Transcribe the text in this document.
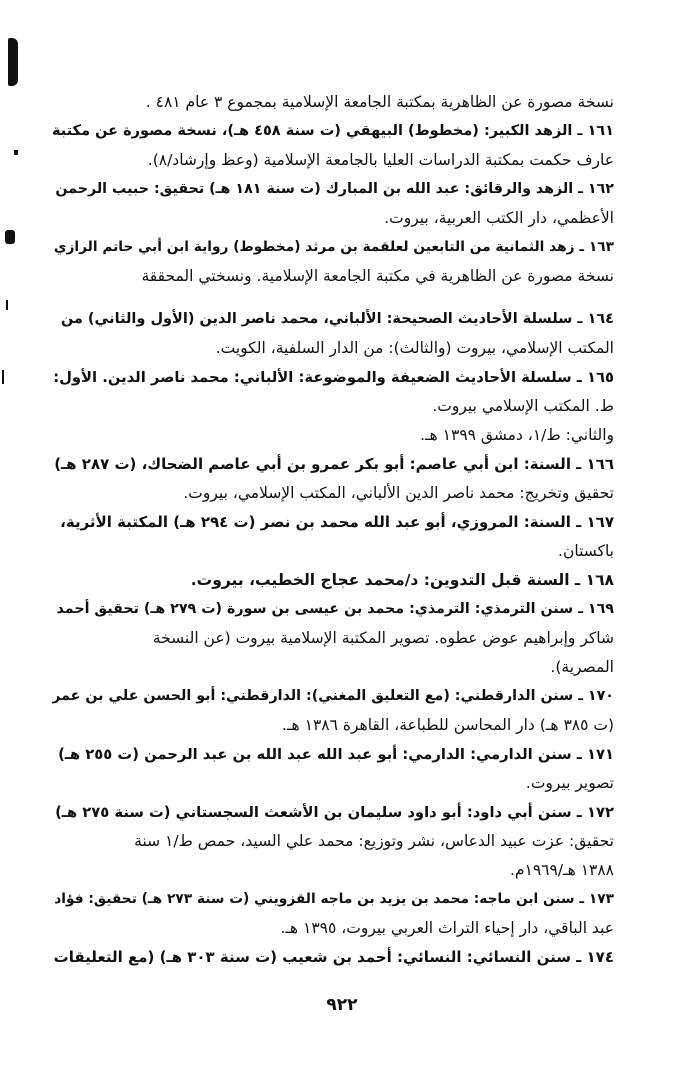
نسخة مصورة عن الظاهرية بمكتبة الجامعة الإسلامية بمجموع ٣ عام ٤٨١ .
١٦١ ـ الزهد الكبير: (مخطوط) البيهقي (ت سنة ٤٥٨ هـ)، نسخة مصورة عن مكتبة
عارف حكمت بمكتبة الدراسات العليا بالجامعة الإسلامية (وعظ وإرشاد/٨).
١٦٢ ـ الزهد والرقائق: عبد الله بن المبارك (ت سنة ١٨١ هـ) تحقيق: حبيب الرحمن
الأعظمي، دار الكتب العربية، بيروت.
١٦٣ ـ زهد الثمانية من التابعين لعلقمة بن مرثد (مخطوط) رواية ابن أبي حاتم الرازي
نسخة مصورة عن الظاهرية في مكتبة الجامعة الإسلامية. ونسختي المحققة
١٦٤ ـ سلسلة الأحاديث الصحيحة: الألباني، محمد ناصر الدين (الأول والثاني) من
المكتب الإسلامي، بيروت (والثالث): من الدار السلفية، الكويت.
١٦٥ ـ سلسلة الأحاديث الضعيفة والموضوعة: الألباني: محمد ناصر الدين. الأول:
ط. المكتب الإسلامي بيروت.
والثاني: ط/١، دمشق ١٣٩٩ هـ.
١٦٦ ـ السنة: ابن أبي عاصم: أبو بكر عمرو بن أبي عاصم الضحاك، (ت ٢٨٧ هـ)
تحقيق وتخريج: محمد ناصر الدين الألباني، المكتب الإسلامي، بيروت.
١٦٧ ـ السنة: المروزي، أبو عبد الله محمد بن نصر (ت ٢٩٤ هـ) المكتبة الأثرية،
باكستان.
١٦٨ ـ السنة قبل التدوين: د/محمد عجاج الخطيب، بيروت.
١٦٩ ـ سنن الترمذي: الترمذي: محمد بن عيسى بن سورة (ت ٢٧٩ هـ) تحقيق أحمد
شاكر وإبراهيم عوض عطوه. تصوير المكتبة الإسلامية بيروت (عن النسخة
المصرية).
١٧٠ ـ سنن الدارقطني: (مع التعليق المغني): الدارقطني: أبو الحسن علي بن عمر
(ت ٣٨٥ هـ) دار المحاسن للطباعة، القاهرة ١٣٨٦ هـ.
١٧١ ـ سنن الدارمي: الدارمي: أبو عبد الله عبد الله بن عبد الرحمن (ت ٢٥٥ هـ)
تصوير بيروت.
١٧٢ ـ سنن أبي داود: أبو داود سليمان بن الأشعث السجستاني (ت سنة ٢٧٥ هـ)
تحقيق: عزت عبيد الدعاس، نشر وتوزيع: محمد علي السيد، حمص ط/١ سنة
١٣٨٨ هـ/١٩٦٩م.
١٧٣ ـ سنن ابن ماجه: محمد بن يزيد بن ماجه القزويني (ت سنة ٢٧٣ هـ) تحقيق: فؤاد
عبد الباقي، دار إحياء التراث العربي بيروت، ١٣٩٥ هـ.
١٧٤ ـ سنن النسائي: النسائي: أحمد بن شعيب (ت سنة ٣٠٣ هـ) (مع التعليقات
٩٢٢
